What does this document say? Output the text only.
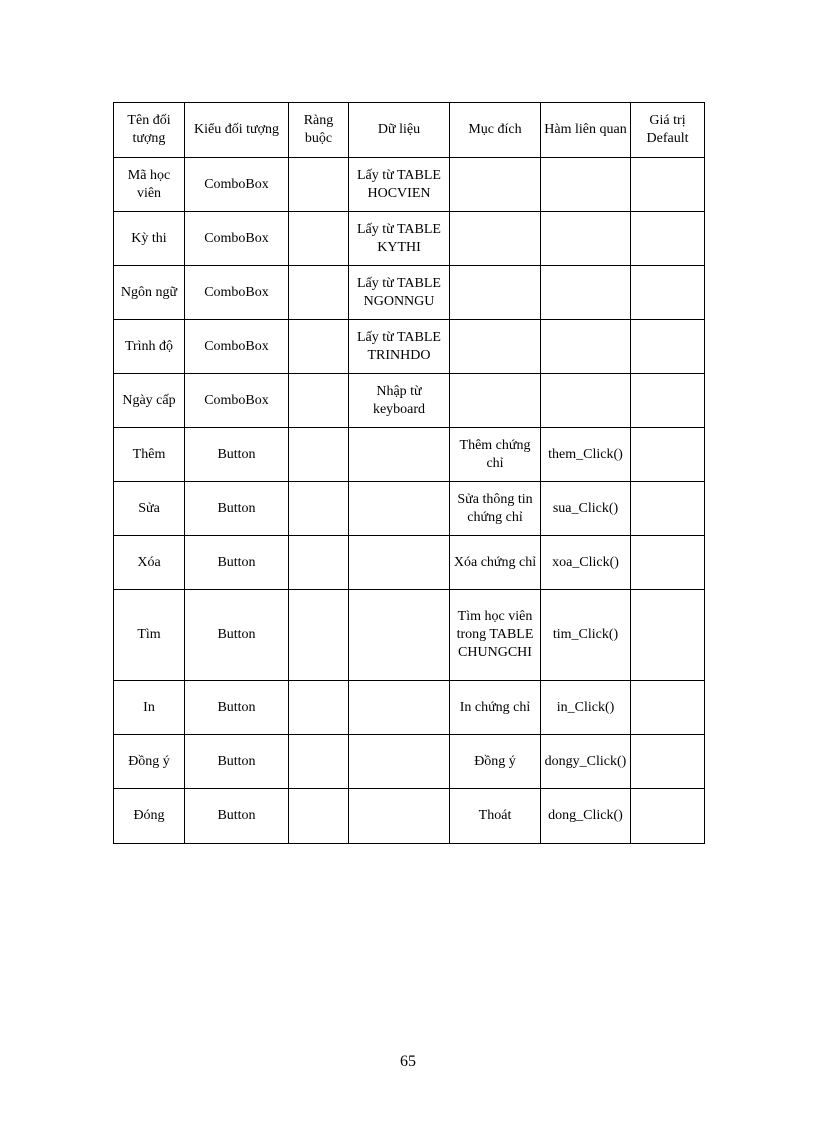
Tên đối tượng	Kiểu đối tượng	Ràng buộc	Dữ liệu	Mục đích	Hàm liên quan	Giá trị Default
Mã học viên	ComboBox		Lấy từ TABLE HOCVIEN			
Kỳ thi	ComboBox		Lấy từ TABLE KYTHI			
Ngôn ngữ	ComboBox		Lấy từ TABLE NGONNGU			
Trình độ	ComboBox		Lấy từ TABLE TRINHDO			
Ngày cấp	ComboBox		Nhập từ keyboard			
Thêm	Button			Thêm chứng chỉ	them_Click()	
Sửa	Button			Sửa thông tin chứng chỉ	sua_Click()	
Xóa	Button			Xóa chứng chỉ	xoa_Click()	
Tìm	Button			Tìm học viên trong TABLE CHUNGCHI	tim_Click()	
In	Button			In chứng chỉ	in_Click()	
Đồng ý	Button			Đồng ý	dongy_Click()	
Đóng	Button			Thoát	dong_Click()	
65
